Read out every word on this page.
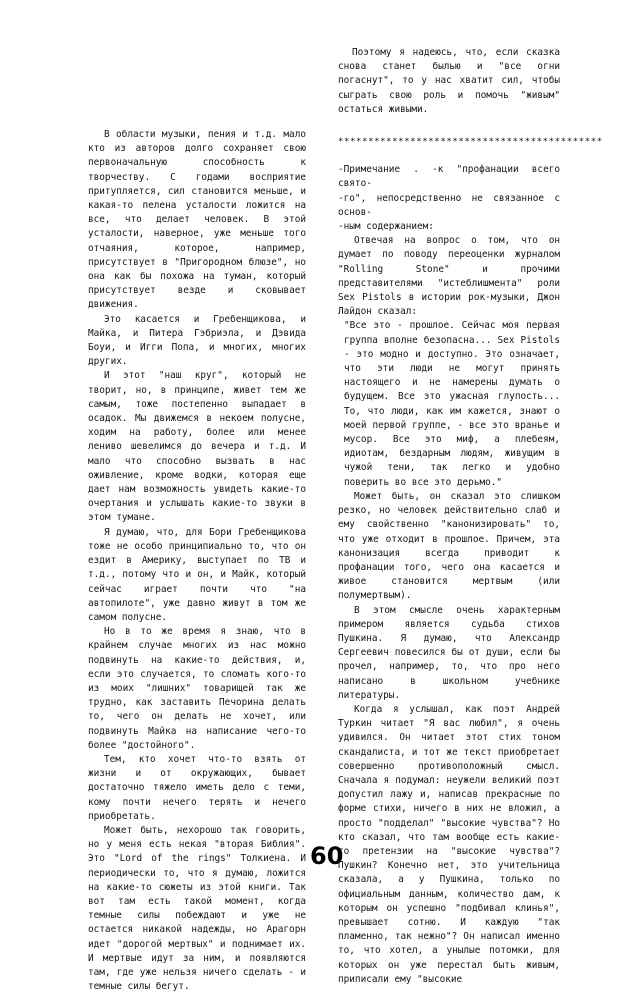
В области музыки, пения и т.д. мало кто из авторов долго сохраняет свою первоначальную способность к творчеству. С годами восприятие притупляется, сил становится меньше, и какая-то пелена усталости ложится на все, что делает человек. В этой усталости, наверное, уже меньше того отчаяния, которое, например, присутствует в "Пригородном блюзе", но она как бы похожа на туман, который присутствует везде и сковывает движения.

Это касается и Гребенщикова, и Майка, и Питера Гэбриэла, и Дэвида Боуи, и Игги Попа, и многих, многих других.

И этот "наш круг", который не творит, но, в принципе, живет тем же самым, тоже постепенно выпадает в осадок. Мы движемся в некоем полусне, ходим на работу, более или менее лениво шевелимся до вечера и т.д. И мало что способно вызвать в нас оживление, кроме водки, которая еще дает нам возможность увидеть какие-то очертания и услышать какие-то звуки в этом тумане.

Я думаю, что, для Бори Гребенщикова тоже не особо принципиально то, что он ездит в Америку, выступает по ТВ и т.д., потому что и он, и Майк, который сейчас играет почти что "на автопилоте", уже давно живут в том же самом полусне.

Но в то же время я знаю, что в крайнем случае многих из нас можно подвинуть на какие-то действия, и, если это случается, то сломать кого-то из моих "лишних" товарищей так же трудно, как заставить Печорина делать то, чего он делать не хочет, или подвинуть Майка на написание чего-то более "достойного".

Тем, кто хочет что-то взять от жизни и от окружающих, бывает достаточно тяжело иметь дело с теми, кому почти нечего терять и нечего приобретать.

Может быть, нехорошо так говорить, но у меня есть некая "вторая Библия". Это "Lord of the rings" Толкиена. И периодически то, что я думаю, ложится на какие-то сюжеты из этой книги. Так вот там есть такой момент, когда темные силы побеждают и уже не остается никакой надежды, но Арагорн идет "дорогой мертвых" и поднимает их. И мертвые идут за ним, и появляются там, где уже нельзя ничего сделать - и темные силы бегут.

Поэтому я надеюсь, что, если сказка снова станет былью и "все огни погаснут", то у нас хватит сил, чтобы сыграть свою роль и помочь "живым" остаться живыми.

********************************************
-Примечание . -к "профанации всего свято-
-го", непосредственно не связанное с основ-
-ным содержанием:

Отвечая на вопрос о том, что он думает по поводу переоценки журналом "Rolling Stone" и прочими представителями "истеблишмента" роли Sex Pistols в истории рок-музыки, Джон Лайдон сказал:

"Все это - прошлое. Сейчас моя первая группа вполне безопасна... Sex Pistols - это модно и доступно. Это означает, что эти люди не могут принять настоящего и не намерены думать о будущем. Все это ужасная глупость... То, что люди, как им кажется, знают о моей первой группе, - все это вранье и мусор. Все это миф, а плебеям, идиотам, бездарным людям, живущим в чужой тени, так легко и удобно поверить во все это дерьмо."

Может быть, он сказал это слишком резко, но человек действительно слаб и ему свойственно "канонизировать" то, что уже отходит в прошлое. Причем, эта канонизация всегда приводит к профанации того, чего она касается и живое становится мертвым (или полумертвым).

В этом смысле очень характерным примером является судьба стихов Пушкина. Я думаю, что Александр Сергеевич повесился бы от души, если бы прочел, например, то, что про него написано в школьном учебнике литературы.

Когда я услышал, как поэт Андрей Туркин читает "Я вас любил", я очень удивился. Он читает этот стих тоном скандалиста, и тот же текст приобретает совершенно противоположный смысл. Сначала я подумал: неужели великий поэт допустил лажу и, написав прекрасные по форме стихи, ничего в них не вложил, а просто "подделал" "высокие чувства"? Но кто сказал, что там вообще есть какие-то претензии на "высокие чувства"? Пушкин? Конечно нет, это учительница сказала, а у Пушкина, только по официальным данным, количество дам, к которым он успешно "подбивал клинья", превышает сотню. И каждую "так пламенно, так нежно"? Он написал именно то, что хотел, а унылые потомки, для которых он уже перестал быть живым, приписали ему "высокие

60
